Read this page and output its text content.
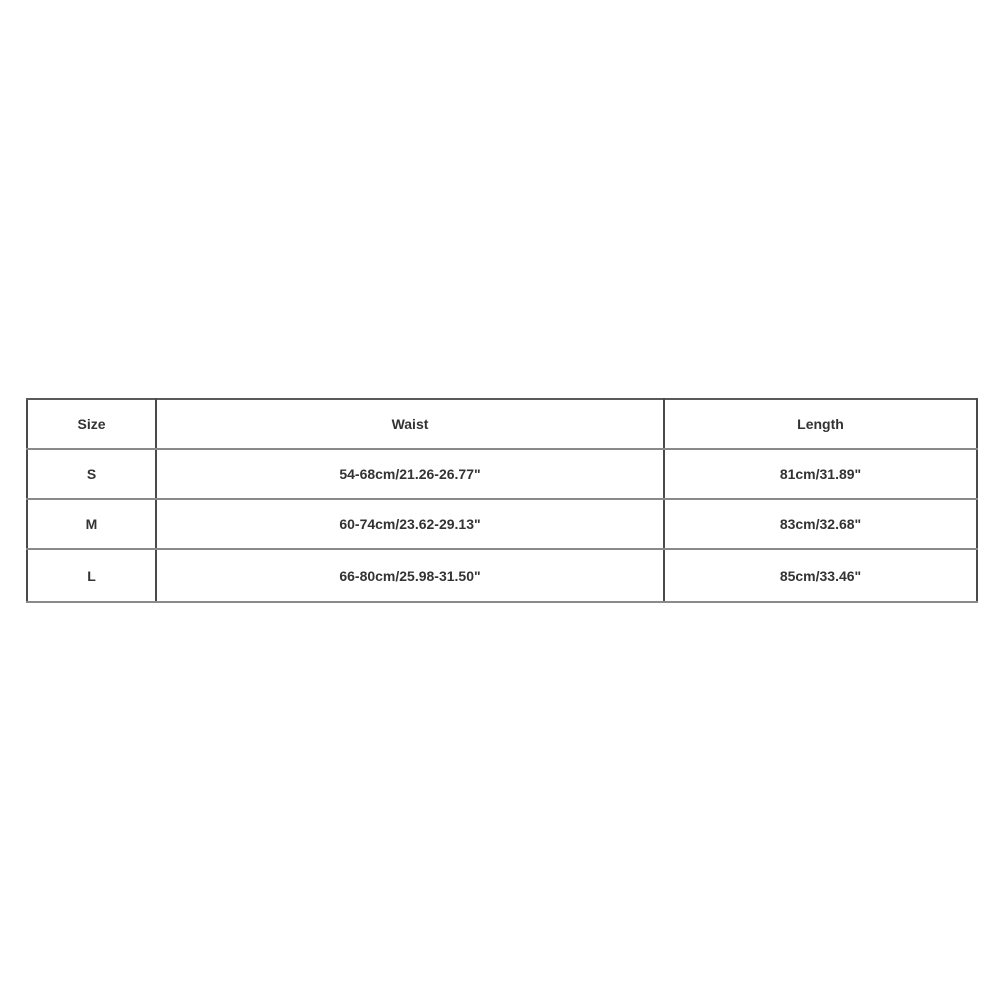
Size	Waist	Length
S	54-68cm/21.26-26.77"	81cm/31.89"
M	60-74cm/23.62-29.13"	83cm/32.68"
L	66-80cm/25.98-31.50"	85cm/33.46"
